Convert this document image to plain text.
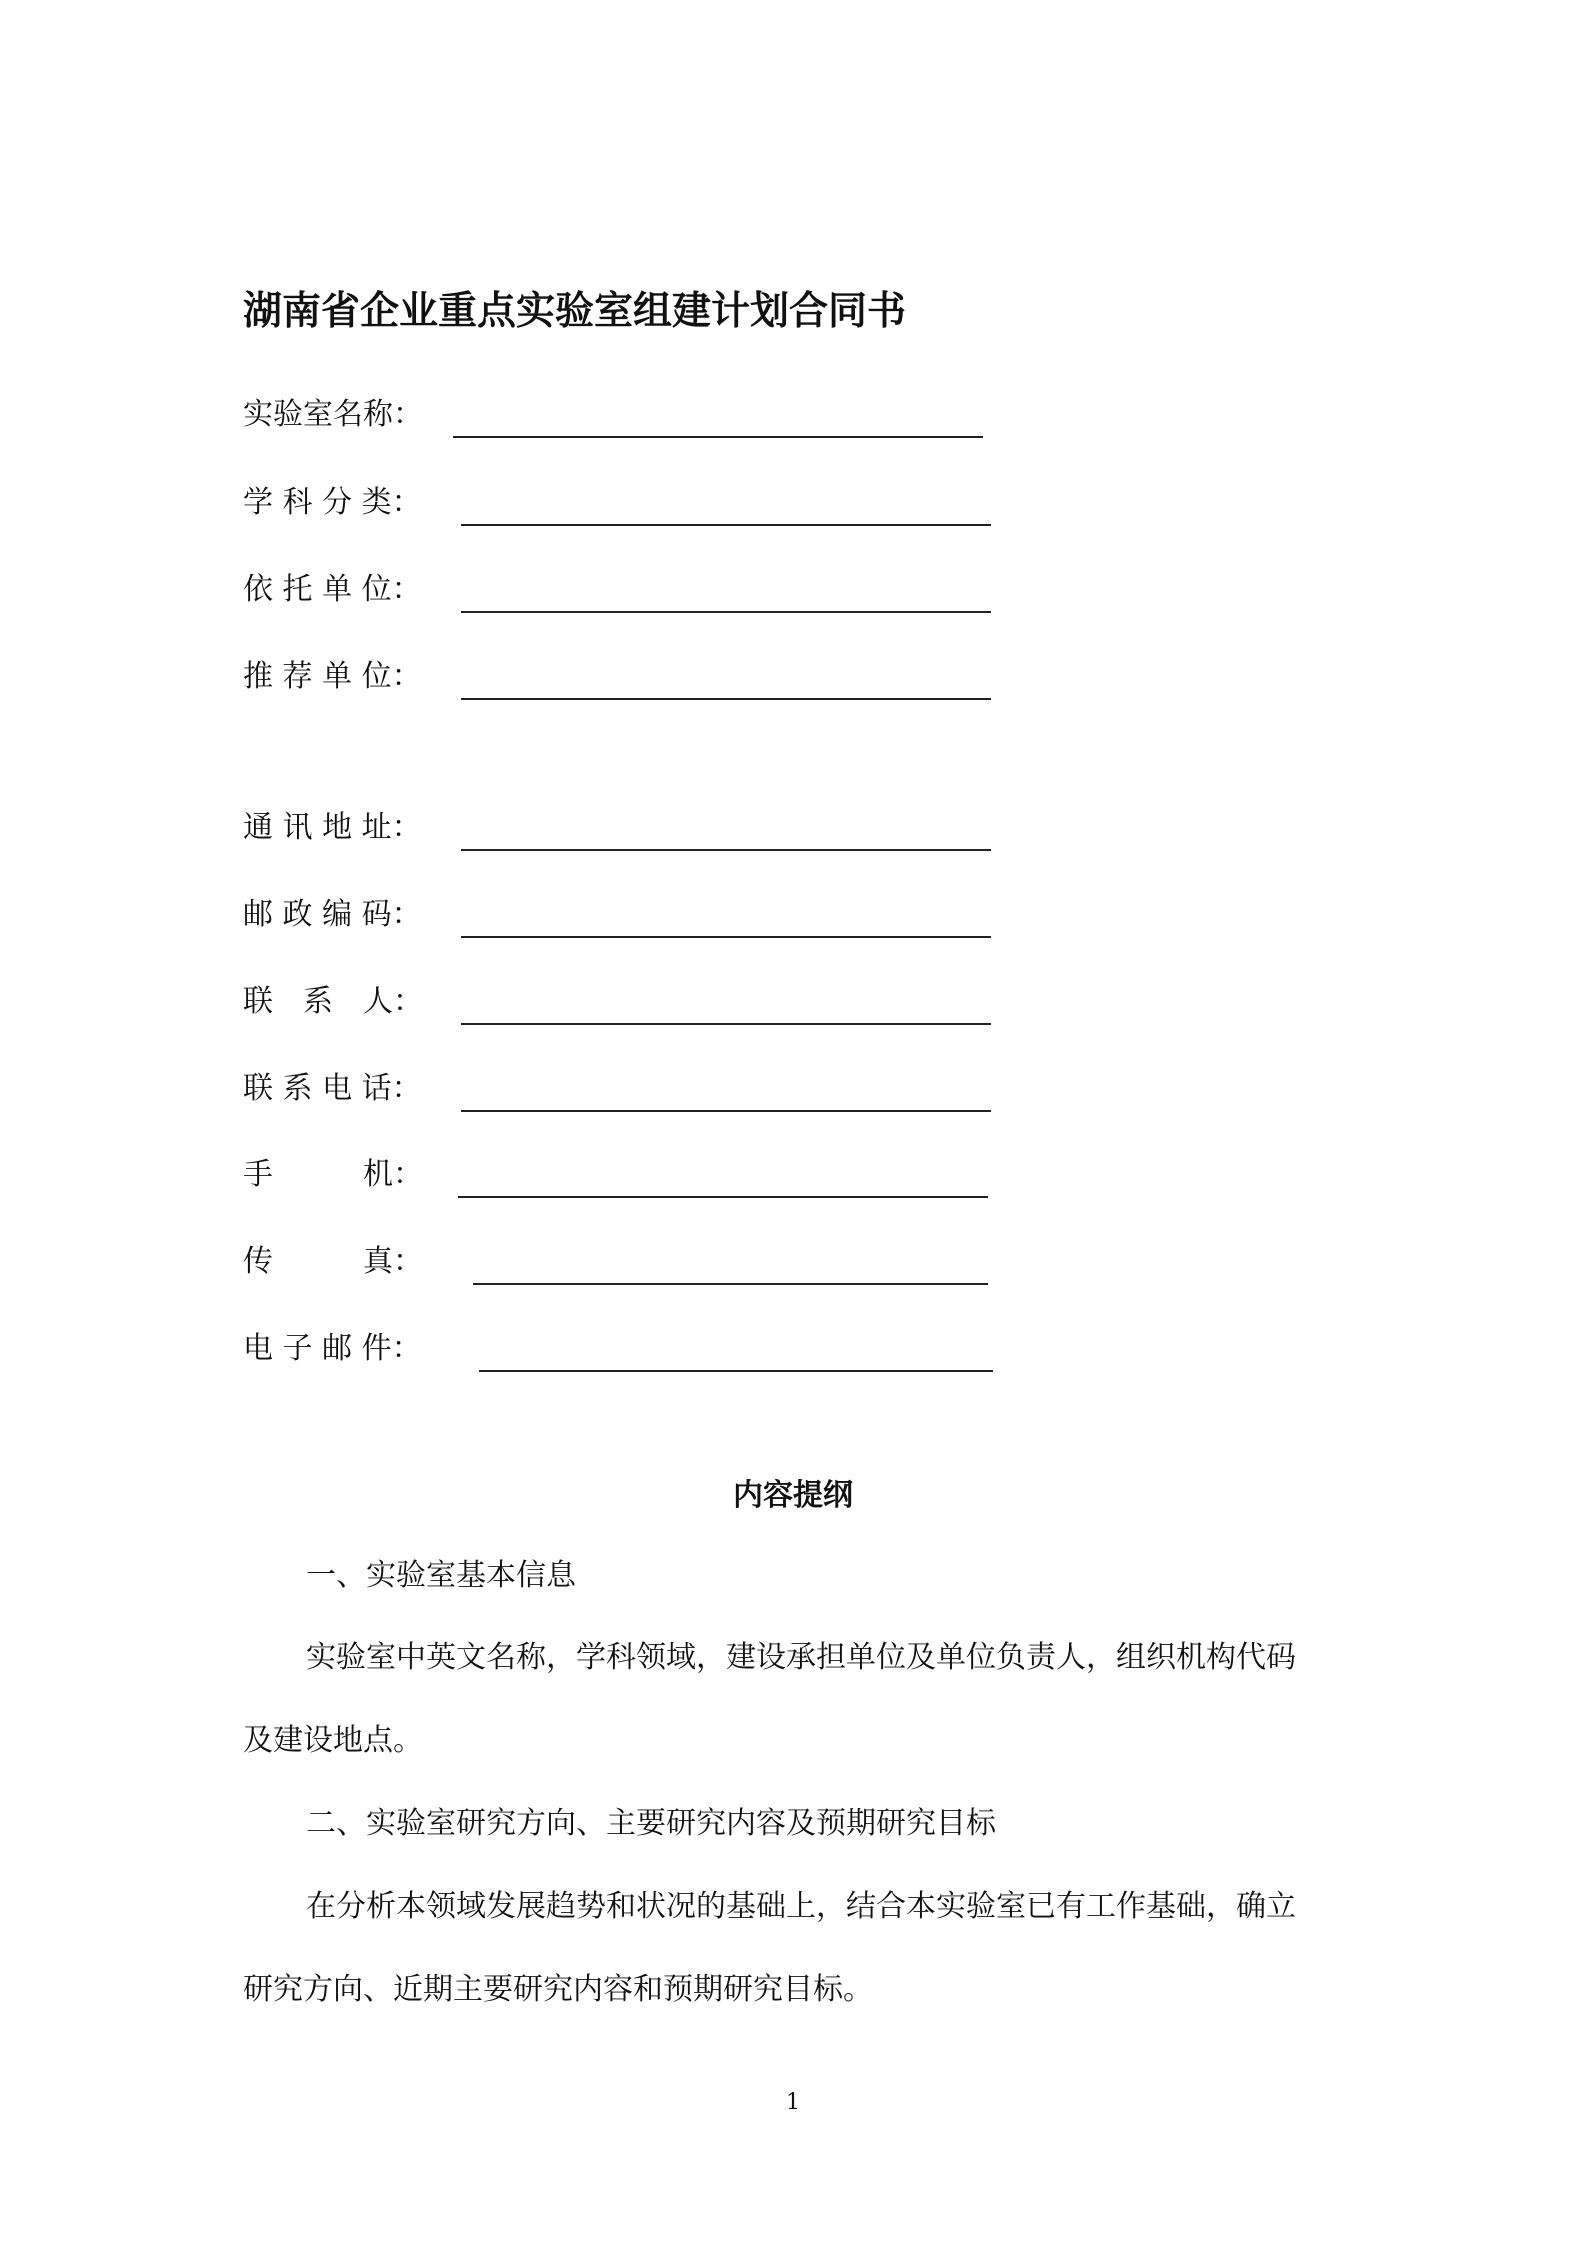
湖南省企业重点实验室组建计划合同书
实验室名称：
学 科 分 类：
依 托 单 位：
推 荐 单 位：
通 讯 地 址：
邮 政 编 码：
联　系　人：
联 系 电 话：
手　　　机：
传　　　真：
电 子 邮 件：
内容提纲
一、实验室基本信息
实验室中英文名称，学科领域，建设承担单位及单位负责人，组织机构代码
及建设地点。
二、实验室研究方向、主要研究内容及预期研究目标
在分析本领域发展趋势和状况的基础上，结合本实验室已有工作基础，确立
研究方向、近期主要研究内容和预期研究目标。
1
